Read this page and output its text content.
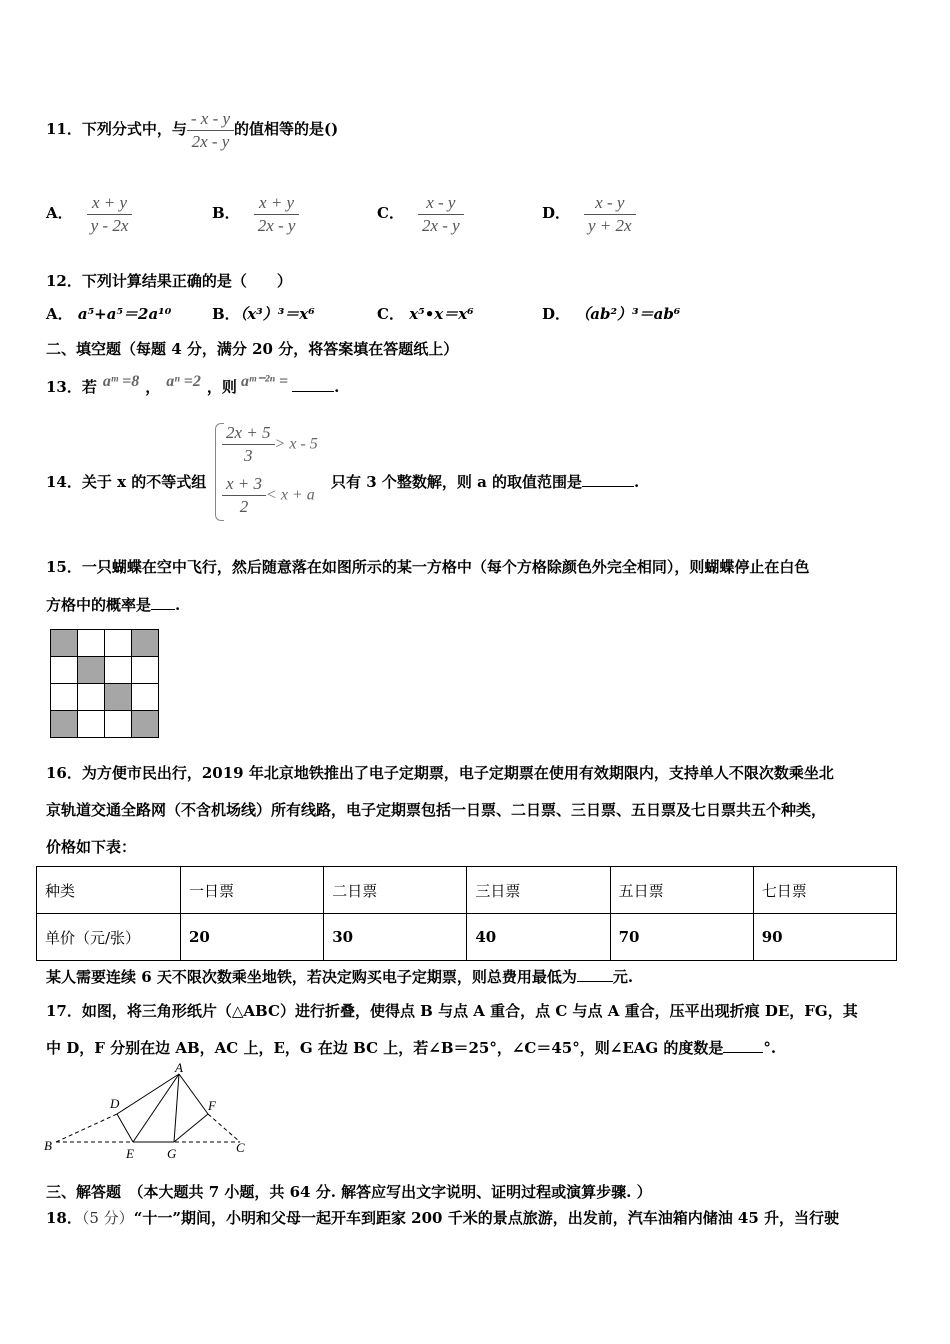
11．下列分式中，与 $\frac{- x - y}{2x - y}$ 的值相等的是()
A． $\frac{x + y}{y - 2x}$	B． $\frac{x + y}{2x - y}$	C． $\frac{x - y}{2x - y}$	D． $\frac{x - y}{y + 2x}$
12．下列计算结果正确的是（　　）
A． a⁵+a⁵＝2a¹⁰	B．（x³）³＝x⁶	C． x⁵•x＝x⁶	D． （ab²）³＝ab⁶
二、填空题（每题 4 分，满分 20 分，将答案填在答题纸上）
13．若 $^{aᵐ =8}$ ， $^{a^n =2}$ ，则 $^{aᵐ^{-2n} =}$	.
14．关于 x 的不等式组
$\frac{2x + 5}{3} > x - 5$
$\frac{x + 3}{2} < x + a$
只有 3 个整数解，则 a 的取值范围是	.
15．一只蝴蝶在空中飞行，然后随意落在如图所示的某一方格中（每个方格除颜色外完全相同），则蝴蝶停止在白色
方格中的概率是 .

16．为方便市民出行，2019 年北京地铁推出了电子定期票，电子定期票在使用有效期限内，支持单人不限次数乘坐北
京轨道交通全路网（不含机场线）所有线路，电子定期票包括一日票、二日票、三日票、五日票及七日票共五个种类，
价格如下表：
种类	一日票	二日票	三日票	五日票	七日票
单价（元/张）	20	30	40	70	90
某人需要连续 6 天不限次数乘坐地铁，若决定购买电子定期票，则总费用最低为 元.
17．如图，将三角形纸片（△ABC）进行折叠，使得点 B 与点 A 重合，点 C 与点 A 重合，压平出现折痕 DE，FG，其
中 D，F 分别在边 AB，AC 上，E，G 在边 BC 上，若∠B＝25°，∠C＝45°，则∠EAG 的度数是	°.
A
B	C
D
E
F
G
三、解答题　（本大题共 7 小题，共 64 分. 解答应写出文字说明、证明过程或演算步骤. ）
18．（5 分）“十一”期间，小明和父母一起开车到距家 200 千米的景点旅游，出发前，汽车油箱内储油 45 升，当行驶
